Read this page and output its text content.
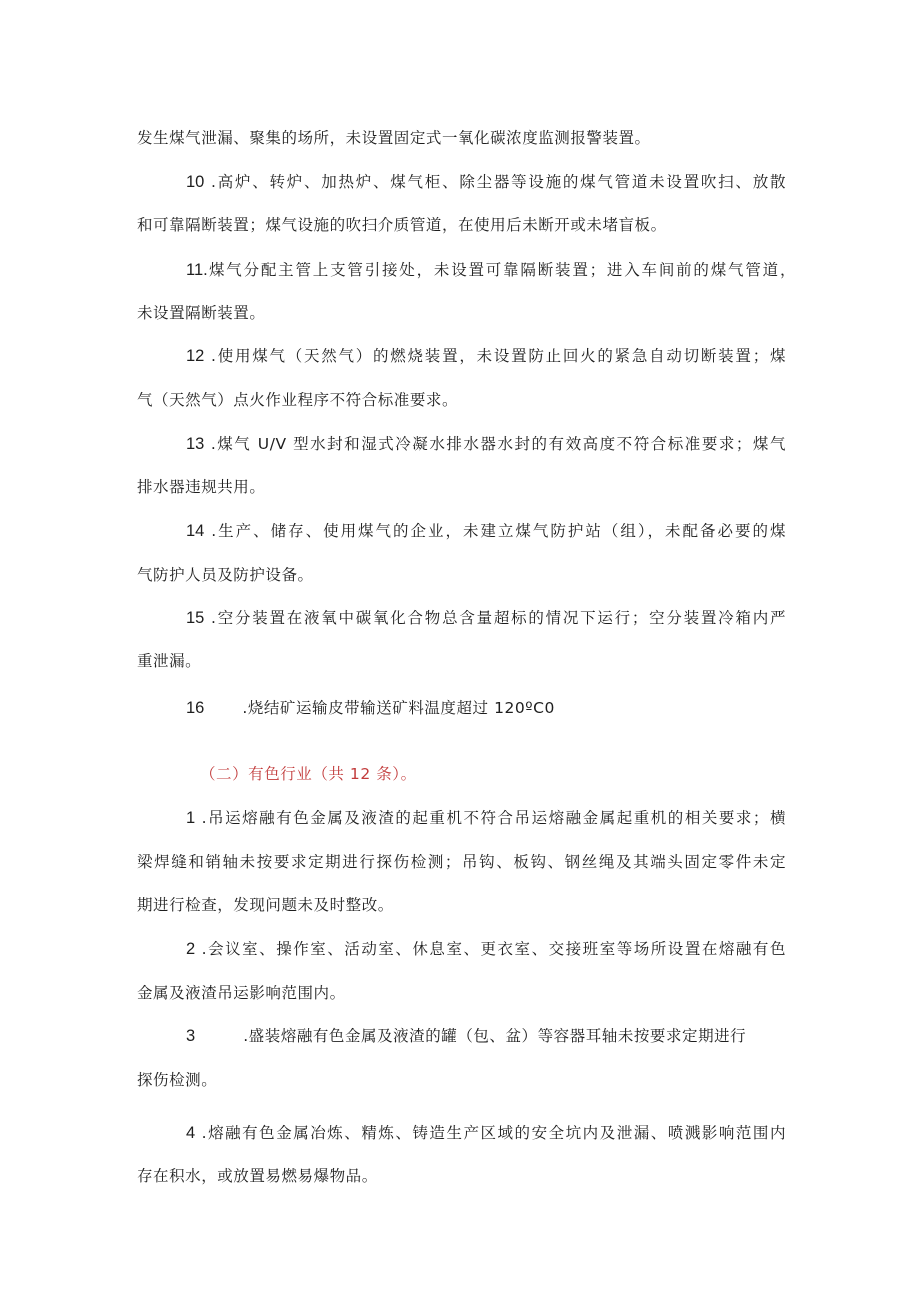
发生煤气泄漏、聚集的场所，未设置固定式一氧化碳浓度监测报警装置。

10 .高炉、转炉、加热炉、煤气柜、除尘器等设施的煤气管道未设置吹扫、放散

和可靠隔断装置；煤气设施的吹扫介质管道，在使用后未断开或未堵盲板。

11.煤气分配主管上支管引接处，未设置可靠隔断装置；进入车间前的煤气管道，

未设置隔断装置。

12 .使用煤气（天然气）的燃烧装置，未设置防止回火的紧急自动切断装置；煤

气（天然气）点火作业程序不符合标准要求。

13 .煤气 U/V 型水封和湿式冷凝水排水器水封的有效高度不符合标准要求；煤气

排水器违规共用。

14 .生产、储存、使用煤气的企业，未建立煤气防护站（组），未配备必要的煤

气防护人员及防护设备。

15 .空分装置在液氧中碳氧化合物总含量超标的情况下运行；空分装置冷箱内严

重泄漏。

16 .烧结矿运输皮带输送矿料温度超过 120ºC0

（二）有色行业（共 12 条）。

1 .吊运熔融有色金属及液渣的起重机不符合吊运熔融金属起重机的相关要求；横

梁焊缝和销轴未按要求定期进行探伤检测；吊钩、板钩、钢丝绳及其端头固定零件未定

期进行检查，发现问题未及时整改。

2 .会议室、操作室、活动室、休息室、更衣室、交接班室等场所设置在熔融有色

金属及液渣吊运影响范围内。

3	.盛装熔融有色金属及液渣的罐（包、盆）等容器耳轴未按要求定期进行

探伤检测。

4 .熔融有色金属冶炼、精炼、铸造生产区域的安全坑内及泄漏、喷溅影响范围内

存在积水，或放置易燃易爆物品。
